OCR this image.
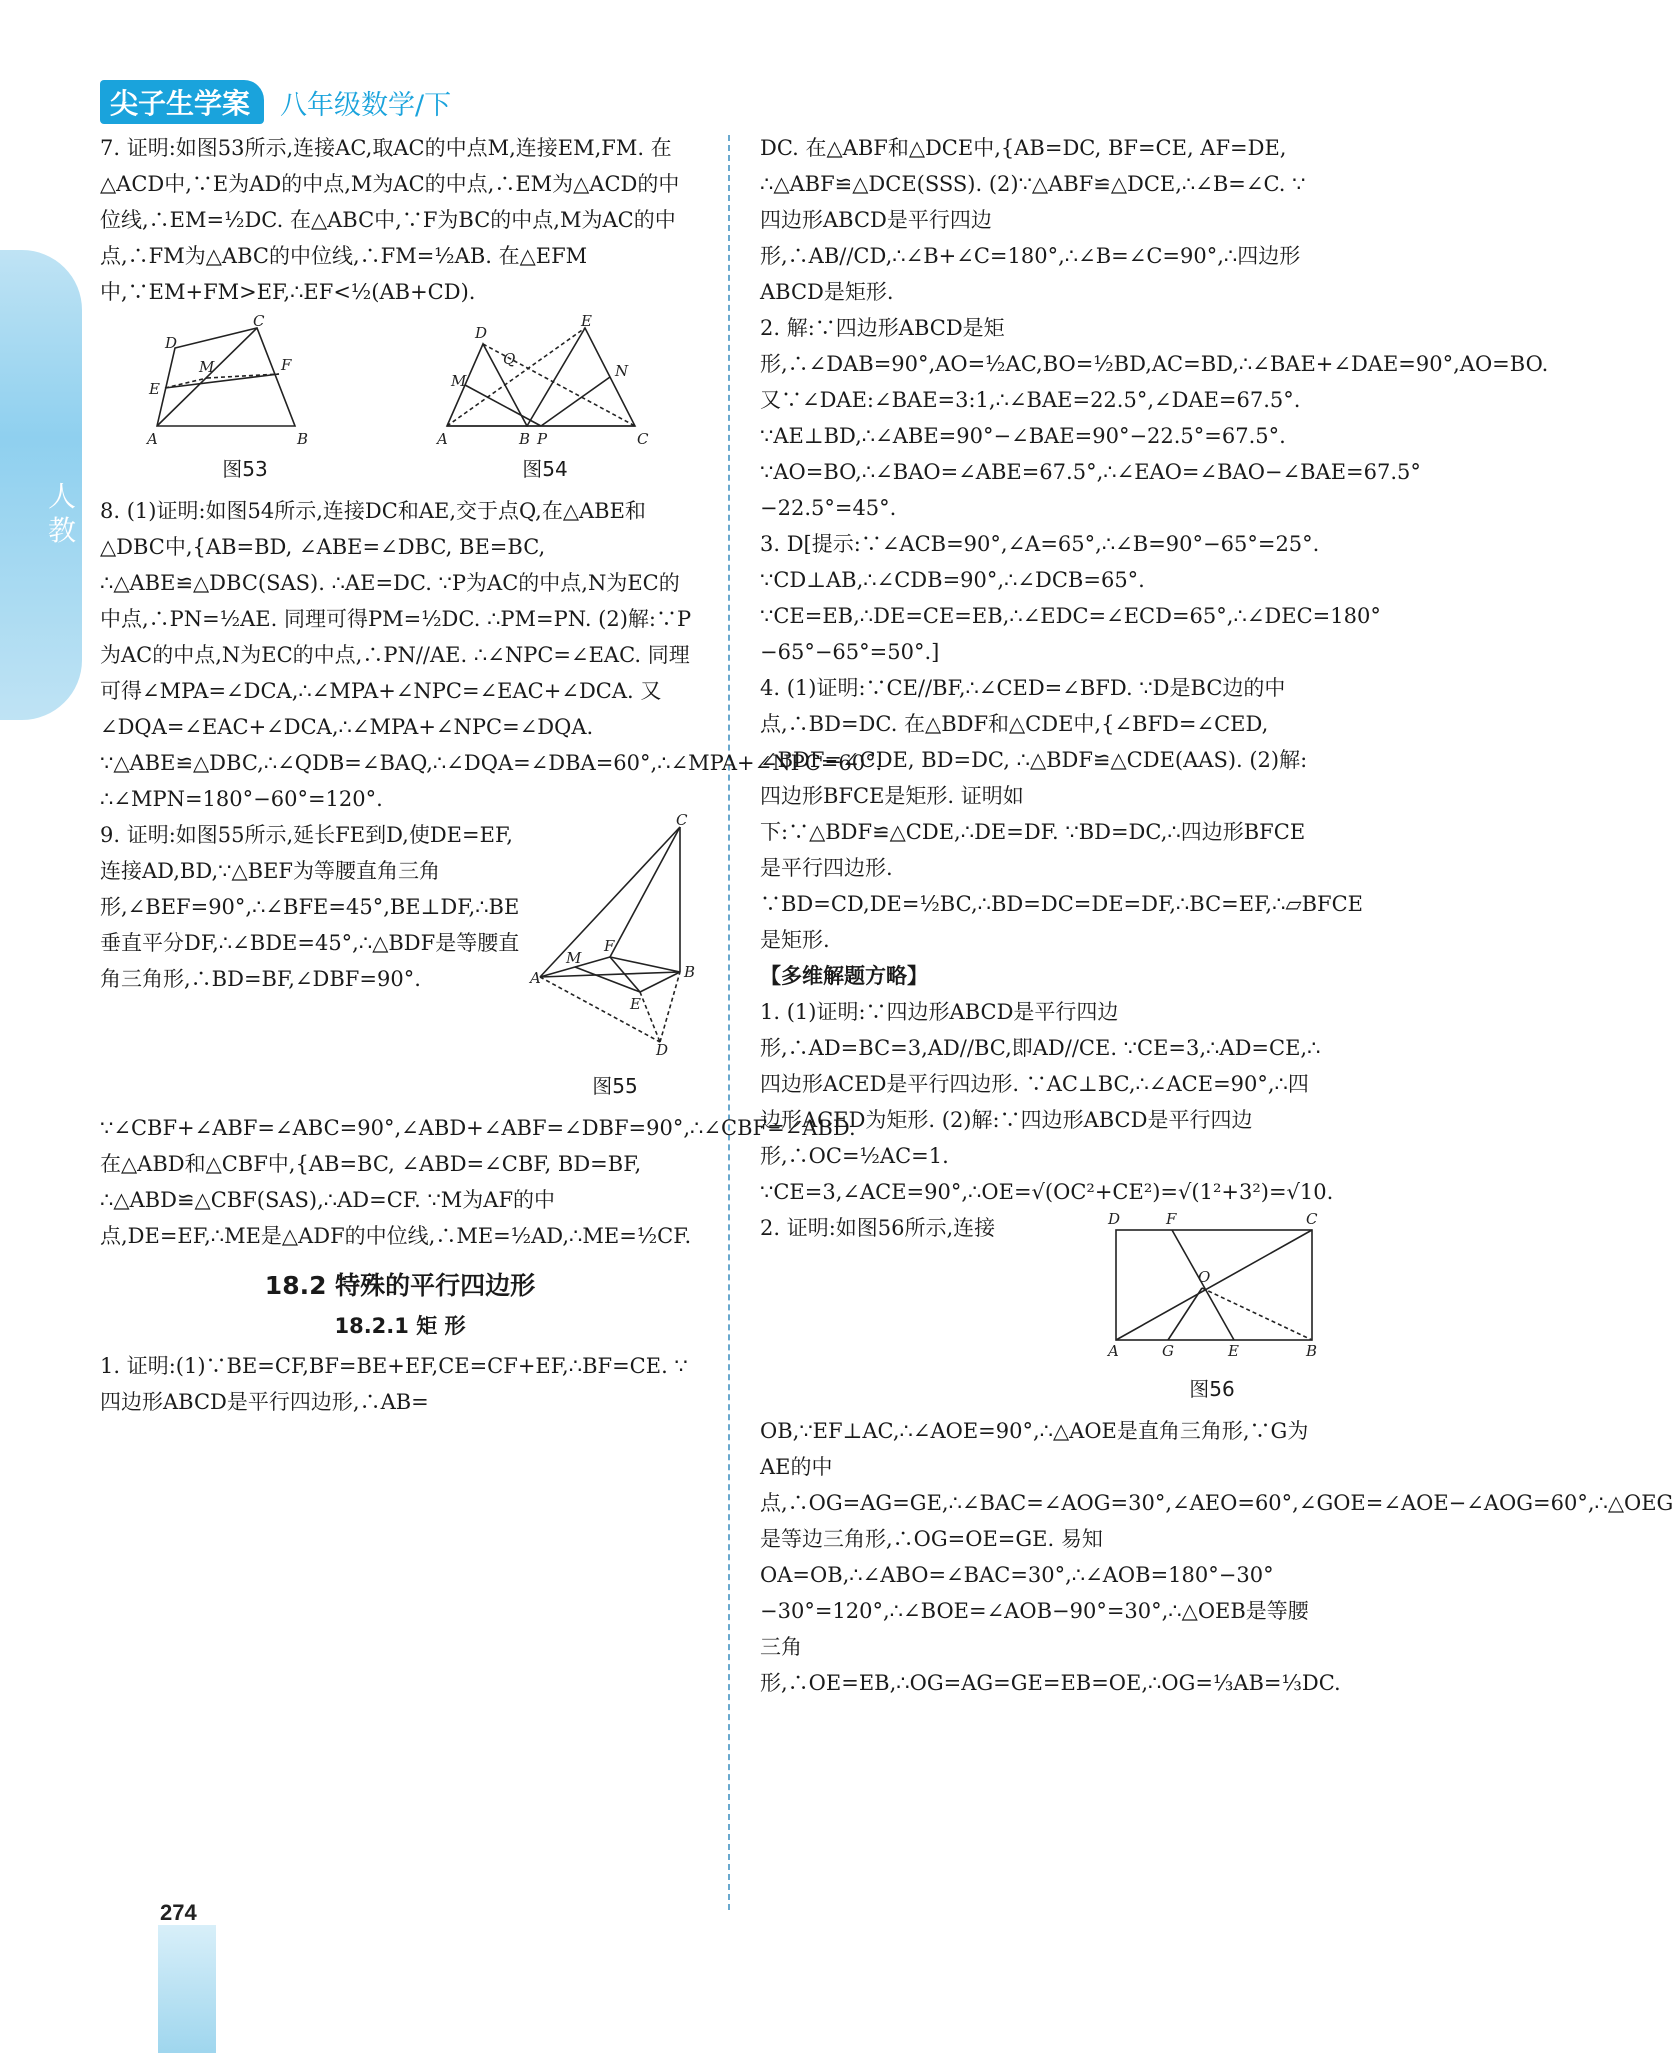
人教
尖子生学案	八年级数学/下

7. 证明:如图53所示,连接AC,取AC的中点M,连接EM,FM. 在△ACD中,∵E为AD的中点,M为AC的中点,∴EM为△ACD的中位线,∴EM=½DC. 在△ABC中,∵F为BC的中点,M为AC的中点,∴FM为△ABC的中位线,∴FM=½AB. 在△EFM中,∵EM+FM>EF,∴EF<½(AB+CD).

A	B
C
D
E
F
M
图53
A	B P	C
D
E
M
N
Q
图54

8. (1)证明:如图54所示,连接DC和AE,交于点Q,在△ABE和△DBC中,{AB=BD, ∠ABE=∠DBC, BE=BC, ∴△ABE≌△DBC(SAS). ∴AE=DC. ∵P为AC的中点,N为EC的中点,∴PN=½AE. 同理可得PM=½DC. ∴PM=PN. (2)解:∵P为AC的中点,N为EC的中点,∴PN//AE. ∴∠NPC=∠EAC. 同理可得∠MPA=∠DCA,∴∠MPA+∠NPC=∠EAC+∠DCA. 又∠DQA=∠EAC+∠DCA,∴∠MPA+∠NPC=∠DQA. ∵△ABE≌△DBC,∴∠QDB=∠BAQ,∴∠DQA=∠DBA=60°,∴∠MPA+∠NPC=60°. ∴∠MPN=180°−60°=120°.

A	B
C
D
E
F
M
图55

9. 证明:如图55所示,延长FE到D,使DE=EF,连接AD,BD,∵△BEF为等腰直角三角形,∠BEF=90°,∴∠BFE=45°,BE⊥DF,∴BE垂直平分DF,∴∠BDE=45°,∴△BDF是等腰直角三角形,∴BD=BF,∠DBF=90°. ∵∠CBF+∠ABF=∠ABC=90°,∠ABD+∠ABF=∠DBF=90°,∴∠CBF=∠ABD. 在△ABD和△CBF中,{AB=BC, ∠ABD=∠CBF, BD=BF, ∴△ABD≌△CBF(SAS),∴AD=CF. ∵M为AF的中点,DE=EF,∴ME是△ADF的中位线,∴ME=½AD,∴ME=½CF.

18.2 特殊的平行四边形
18.2.1 矩 形

1. 证明:(1)∵BE=CF,BF=BE+EF,CE=CF+EF,∴BF=CE. ∵四边形ABCD是平行四边形,∴AB=

DC. 在△ABF和△DCE中,{AB=DC, BF=CE, AF=DE, ∴△ABF≌△DCE(SSS). (2)∵△ABF≌△DCE,∴∠B=∠C. ∵四边形ABCD是平行四边形,∴AB//CD,∴∠B+∠C=180°,∴∠B=∠C=90°,∴四边形ABCD是矩形.

2. 解:∵四边形ABCD是矩形,∴∠DAB=90°,AO=½AC,BO=½BD,AC=BD,∴∠BAE+∠DAE=90°,AO=BO. 又∵∠DAE:∠BAE=3:1,∴∠BAE=22.5°,∠DAE=67.5°. ∵AE⊥BD,∴∠ABE=90°−∠BAE=90°−22.5°=67.5°. ∵AO=BO,∴∠BAO=∠ABE=67.5°,∴∠EAO=∠BAO−∠BAE=67.5°−22.5°=45°.

3. D[提示:∵∠ACB=90°,∠A=65°,∴∠B=90°−65°=25°. ∵CD⊥AB,∴∠CDB=90°,∴∠DCB=65°. ∵CE=EB,∴DE=CE=EB,∴∠EDC=∠ECD=65°,∴∠DEC=180°−65°−65°=50°.]

4. (1)证明:∵CE//BF,∴∠CED=∠BFD. ∵D是BC边的中点,∴BD=DC. 在△BDF和△CDE中,{∠BFD=∠CED, ∠BDF=∠CDE, BD=DC, ∴△BDF≌△CDE(AAS). (2)解:四边形BFCE是矩形. 证明如下:∵△BDF≌△CDE,∴DE=DF. ∵BD=DC,∴四边形BFCE是平行四边形. ∵BD=CD,DE=½BC,∴BD=DC=DE=DF,∴BC=EF,∴▱BFCE是矩形.

【多维解题方略】

1. (1)证明:∵四边形ABCD是平行四边形,∴AD=BC=3,AD//BC,即AD//CE. ∵CE=3,∴AD=CE,∴四边形ACED是平行四边形. ∵AC⊥BC,∴∠ACE=90°,∴四边形ACED为矩形. (2)解:∵四边形ABCD是平行四边形,∴OC=½AC=1. ∵CE=3,∠ACE=90°,∴OE=√(OC²+CE²)=√(1²+3²)=√10.

D	F	C
A	G	E	B
O
图56

2. 证明:如图56所示,连接OB,∵EF⊥AC,∴∠AOE=90°,∴△AOE是直角三角形,∵G为AE的中点,∴OG=AG=GE,∴∠BAC=∠AOG=30°,∠AEO=60°,∠GOE=∠AOE−∠AOG=60°,∴△OEG是等边三角形,∴OG=OE=GE. 易知OA=OB,∴∠ABO=∠BAC=30°,∴∠AOB=180°−30°−30°=120°,∴∠BOE=∠AOB−90°=30°,∴△OEB是等腰三角形,∴OE=EB,∴OG=AG=GE=EB=OE,∴OG=⅓AB=⅓DC.

274
